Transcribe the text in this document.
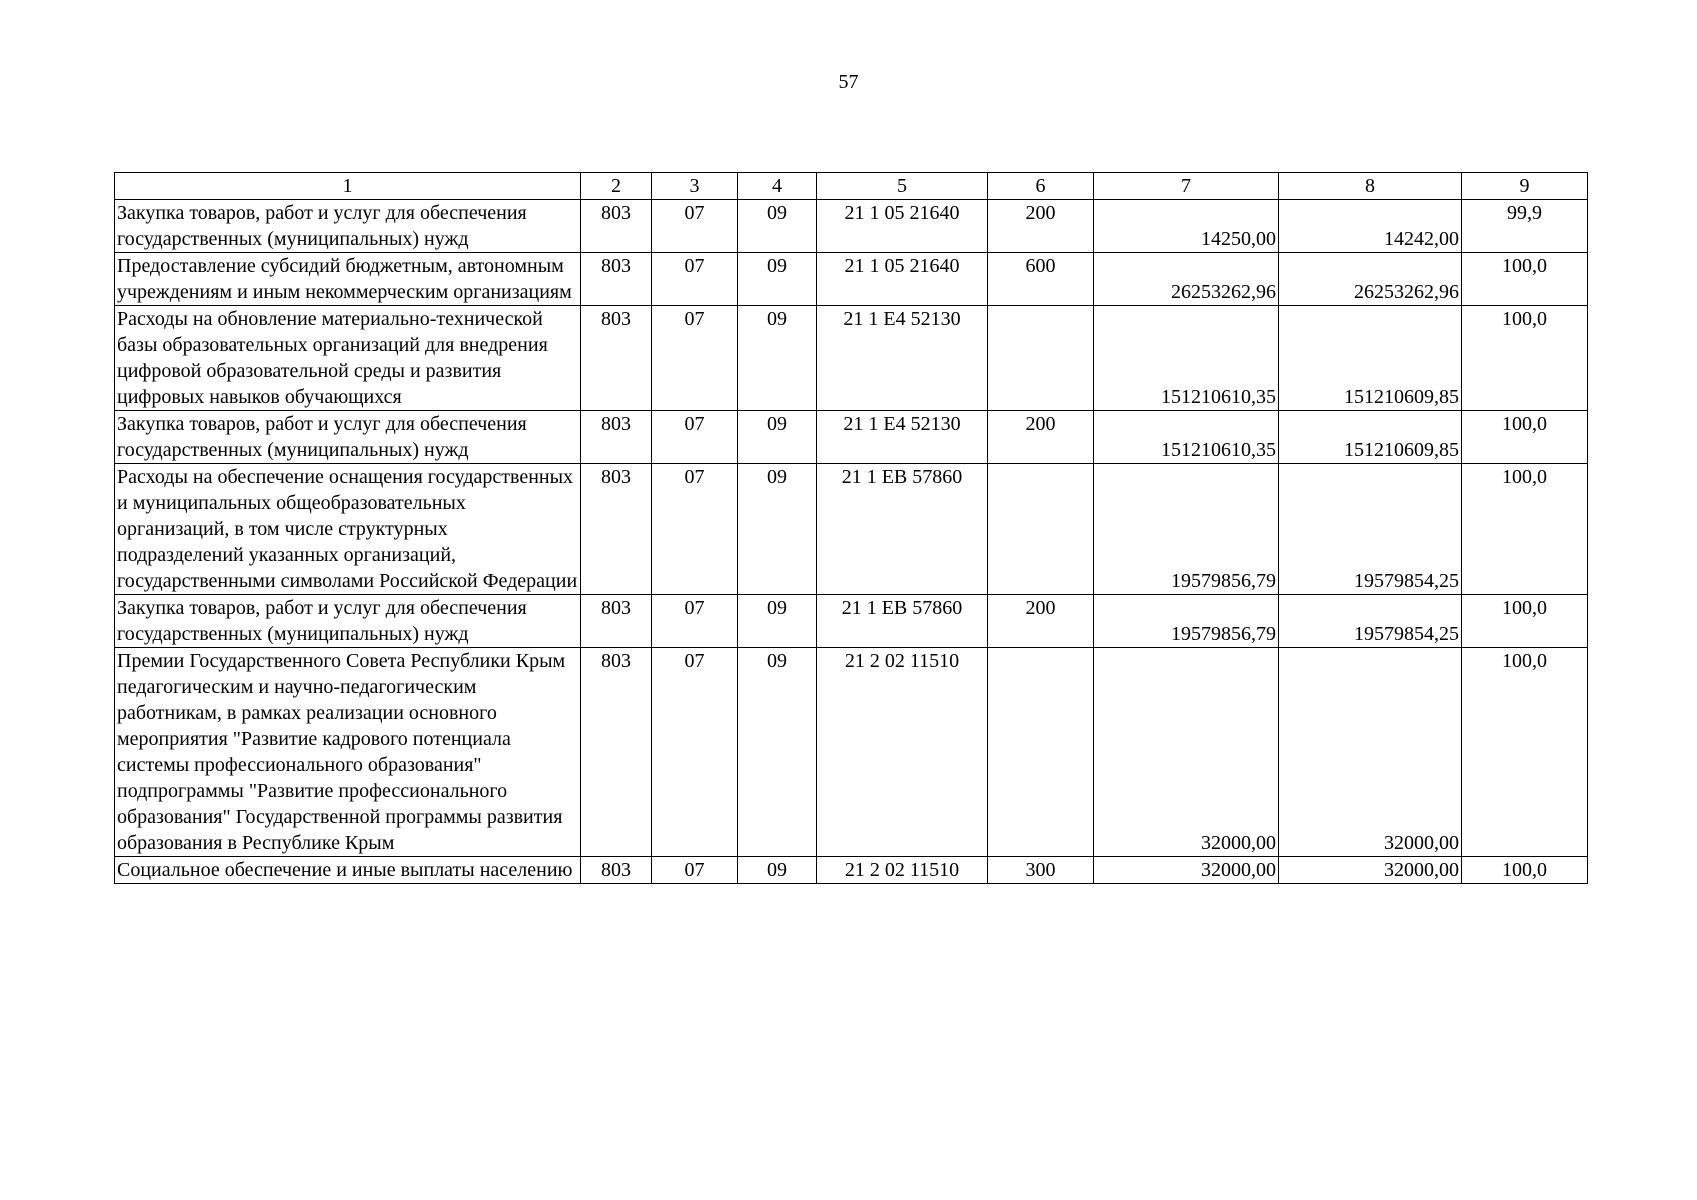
57
1	2	3	4	5	6	7	8	9
Закупка товаров, работ и услуг для обеспечения государственных (муниципальных) нужд	803	07	09	21 1 05 21640	200	14250,00	14242,00	99,9
Предоставление субсидий бюджетным, автономным учреждениям и иным некоммерческим организациям	803	07	09	21 1 05 21640	600	26253262,96	26253262,96	100,0
Расходы на обновление материально-технической базы образовательных организаций для внедрения цифровой образовательной среды и развития цифровых навыков обучающихся	803	07	09	21 1 E4 52130		151210610,35	151210609,85	100,0
Закупка товаров, работ и услуг для обеспечения государственных (муниципальных) нужд	803	07	09	21 1 E4 52130	200	151210610,35	151210609,85	100,0
Расходы на обеспечение оснащения государственных и муниципальных общеобразовательных организаций, в том числе структурных подразделений указанных организаций, государственными символами Российской Федерации	803	07	09	21 1 EB 57860		19579856,79	19579854,25	100,0
Закупка товаров, работ и услуг для обеспечения государственных (муниципальных) нужд	803	07	09	21 1 EB 57860	200	19579856,79	19579854,25	100,0
Премии Государственного Совета Республики Крым педагогическим и научно-педагогическим работникам, в рамках реализации основного мероприятия "Развитие кадрового потенциала системы профессионального образования" подпрограммы "Развитие профессионального образования" Государственной программы развития образования в Республике Крым	803	07	09	21 2 02 11510		32000,00	32000,00	100,0
Социальное обеспечение и иные выплаты населению	803	07	09	21 2 02 11510	300	32000,00	32000,00	100,0
